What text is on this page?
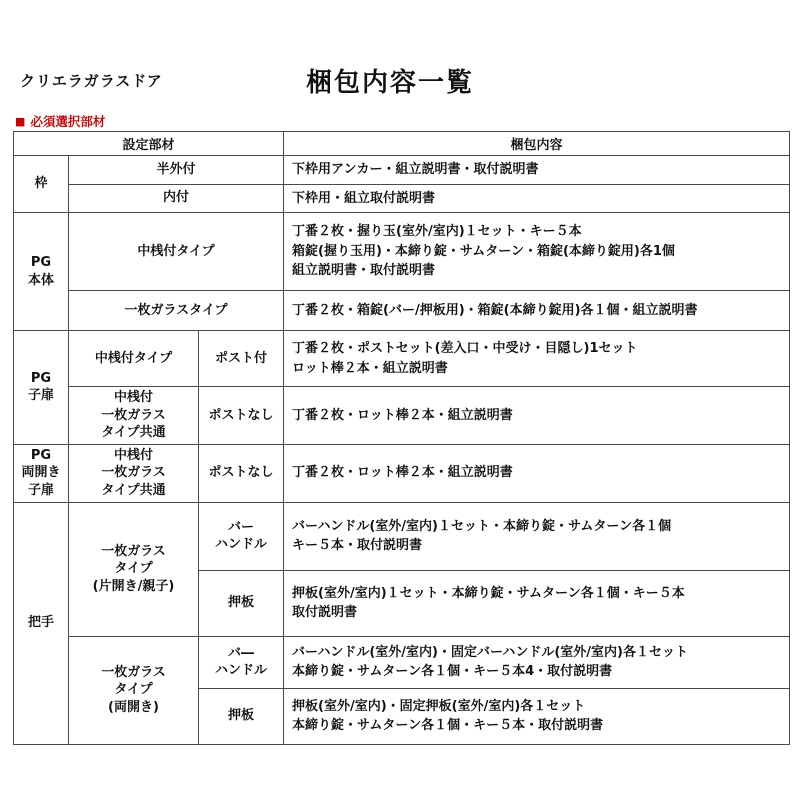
クリエラガラスドア	梱包内容一覧
■ 必須選択部材
設定部材			梱包内容
枠	半外付		下枠用アンカー・組立説明書・取付説明書
	内付		下枠用・組立取付説明書
PG
本体	中桟付タイプ		丁番２枚・握り玉(室外/室内)１セット・キー５本
箱錠(握り玉用)・本締り錠・サムターン・箱錠(本締り錠用)各1個
組立説明書・取付説明書
	一枚ガラスタイプ		丁番２枚・箱錠(バー/押板用)・箱錠(本締り錠用)各１個・組立説明書
PG
子扉	中桟付タイプ	ポスト付	丁番２枚・ポストセット(差入口・中受け・目隠し)1セット
ロット棒２本・組立説明書
	中桟付
一枚ガラス
タイプ共通	ポストなし	丁番２枚・ロット棒２本・組立説明書
PG
両開き
子扉	中桟付
一枚ガラス
タイプ共通	ポストなし	丁番２枚・ロット棒２本・組立説明書
把手	一枚ガラス
タイプ
(片開き/親子)	バー
ハンドル	バーハンドル(室外/室内)１セット・本締り錠・サムターン各１個
キー５本・取付説明書
		押板	押板(室外/室内)１セット・本締り錠・サムターン各１個・キー５本
取付説明書
	一枚ガラス
タイプ
(両開き)	バ―
ハンドル	バーハンドル(室外/室内)・固定バーハンドル(室外/室内)各１セット
本締り錠・サムターン各１個・キー５本4・取付説明書
		押板	押板(室外/室内)・固定押板(室外/室内)各１セット
本締り錠・サムターン各１個・キー５本・取付説明書
